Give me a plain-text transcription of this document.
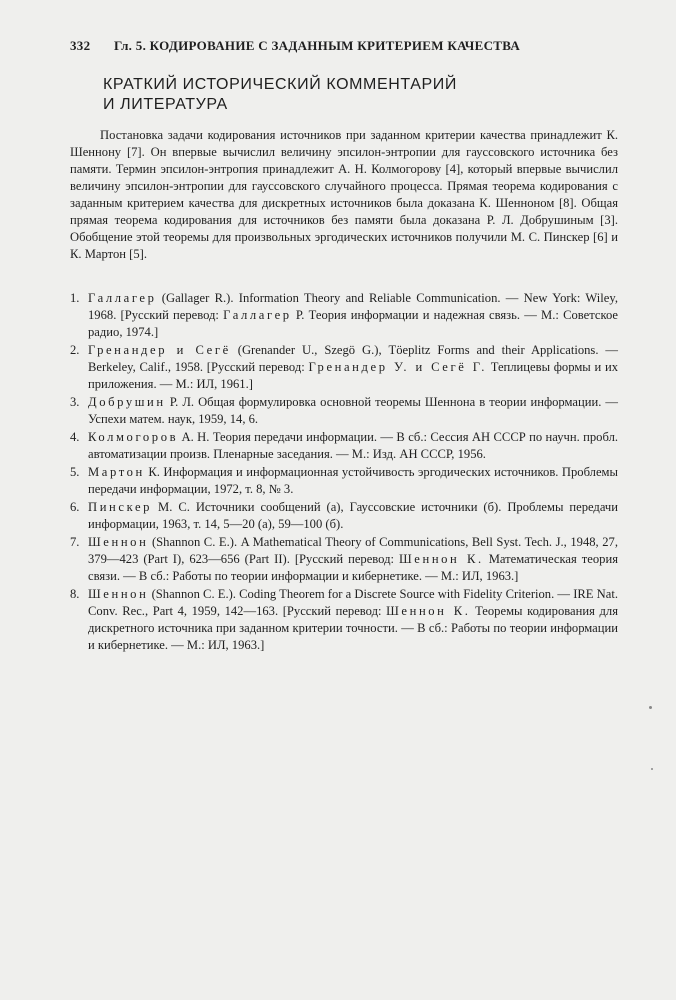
332 Гл. 5. КОДИРОВАНИЕ С ЗАДАННЫМ КРИТЕРИЕМ КАЧЕСТВА
КРАТКИЙ ИСТОРИЧЕСКИЙ КОММЕНТАРИЙ
И ЛИТЕРАТУРА
Постановка задачи кодирования источников при заданном критерии качества принадлежит К. Шеннону [7]. Он впервые вычислил величину эпсилон-энтропии для гауссовского источника без памяти. Термин эпсилон-энтропия принадлежит А. Н. Колмогорову [4], который впервые вычислил величину эпсилон-энтропии для гауссовского случайного процесса. Прямая теорема кодирования с заданным критерием качества для дискретных источников была доказана К. Шенноном [8]. Общая прямая теорема кодирования для источников без памяти была доказана Р. Л. Добрушиным [3]. Обобщение этой теоремы для произвольных эргодических источников получили М. С. Пинскер [6] и К. Мартон [5].
1. Галлагер (Gallager R.). Information Theory and Reliable Communication. — New York: Wiley, 1968. [Русский перевод: Галлагер Р. Теория информации и надежная связь. — М.: Советское радио, 1974.]
2. Гренандер и Сегё (Grenander U., Szegö G.), Töeplitz Forms and their Applications. — Berkeley, Calif., 1958. [Русский перевод: Гренандер У. и Сегё Г. Теплицевы формы и их приложения. — М.: ИЛ, 1961.]
3. Добрушин Р. Л. Общая формулировка основной теоремы Шеннона в теории информации. — Успехи матем. наук, 1959, 14, 6.
4. Колмогоров А. Н. Теория передачи информации. — В сб.: Сессия АН СССР по научн. пробл. автоматизации произв. Пленарные заседания. — М.: Изд. АН СССР, 1956.
5. Мартон К. Информация и информационная устойчивость эргодических источников. Проблемы передачи информации, 1972, т. 8, № 3.
6. Пинскер М. С. Источники сообщений (а), Гауссовские источники (б). Проблемы передачи информации, 1963, т. 14, 5—20 (а), 59—100 (б).
7. Шеннон (Shannon C. E.). A Mathematical Theory of Communications, Bell Syst. Tech. J., 1948, 27, 379—423 (Part I), 623—656 (Part II). [Русский перевод: Шеннон К. Математическая теория связи. — В сб.: Работы по теории информации и кибернетике. — М.: ИЛ, 1963.]
8. Шеннон (Shannon C. E.). Coding Theorem for a Discrete Source with Fidelity Criterion. — IRE Nat. Conv. Rec., Part 4, 1959, 142—163. [Русский перевод: Шеннон К. Теоремы кодирования для дискретного источника при заданном критерии точности. — В сб.: Работы по теории информации и кибернетике. — М.: ИЛ, 1963.]
